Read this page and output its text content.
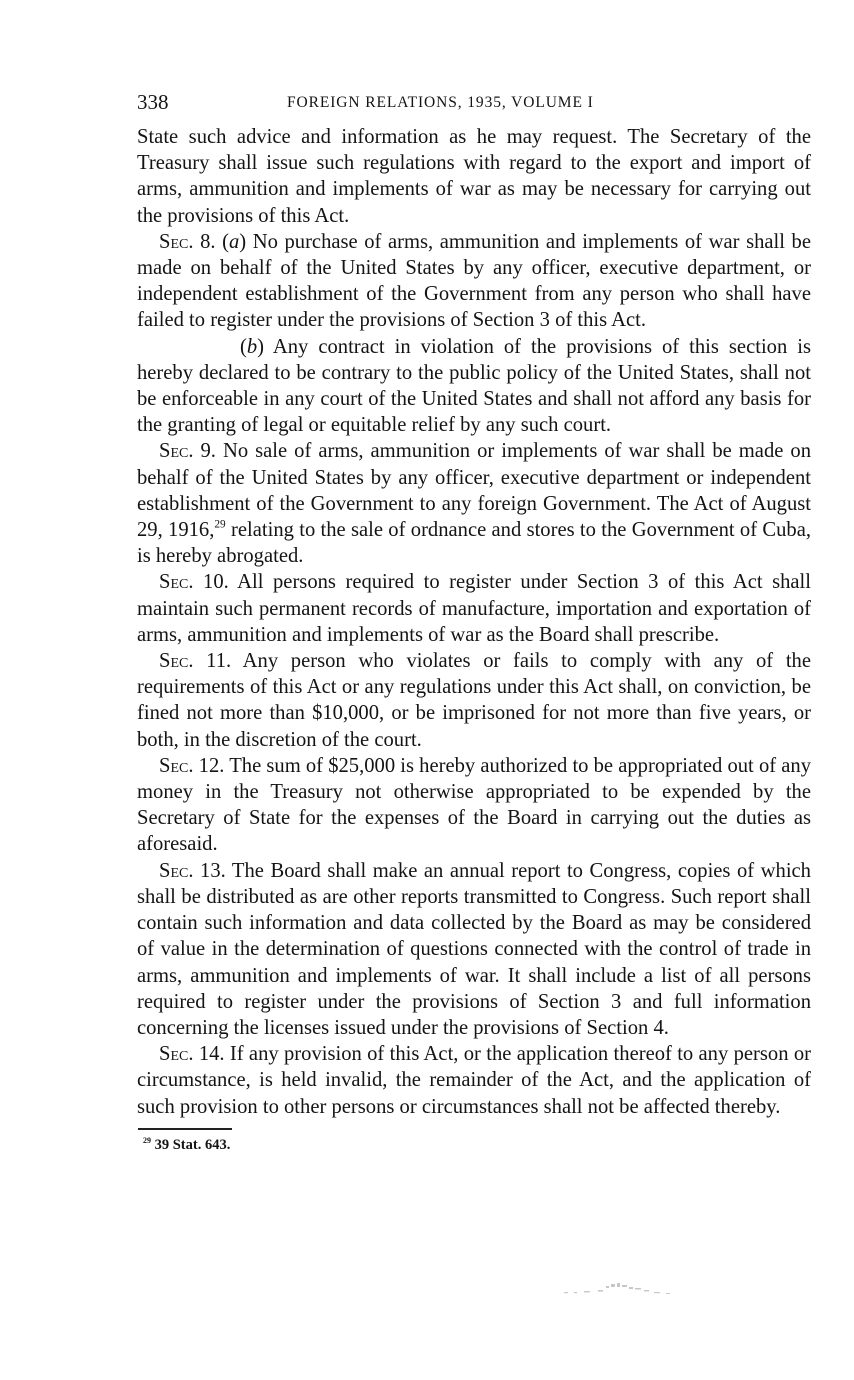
338	FOREIGN RELATIONS, 1935, VOLUME I

State such advice and information as he may request. The Secretary of the Treasury shall issue such regulations with regard to the export and import of arms, ammunition and implements of war as may be necessary for carrying out the provisions of this Act.

Sec. 8. (a) No purchase of arms, ammunition and implements of war shall be made on behalf of the United States by any officer, executive department, or independent establishment of the Government from any person who shall have failed to register under the provisions of Section 3 of this Act.

(b) Any contract in violation of the provisions of this section is hereby declared to be contrary to the public policy of the United States, shall not be enforceable in any court of the United States and shall not afford any basis for the granting of legal or equitable relief by any such court.

Sec. 9. No sale of arms, ammunition or implements of war shall be made on behalf of the United States by any officer, executive department or independent establishment of the Government to any foreign Government. The Act of August 29, 1916,29 relating to the sale of ordnance and stores to the Government of Cuba, is hereby abrogated.

Sec. 10. All persons required to register under Section 3 of this Act shall maintain such permanent records of manufacture, importation and exportation of arms, ammunition and implements of war as the Board shall prescribe.

Sec. 11. Any person who violates or fails to comply with any of the requirements of this Act or any regulations under this Act shall, on conviction, be fined not more than $10,000, or be imprisoned for not more than five years, or both, in the discretion of the court.

Sec. 12. The sum of $25,000 is hereby authorized to be appropriated out of any money in the Treasury not otherwise appropriated to be expended by the Secretary of State for the expenses of the Board in carrying out the duties as aforesaid.

Sec. 13. The Board shall make an annual report to Congress, copies of which shall be distributed as are other reports transmitted to Congress. Such report shall contain such information and data collected by the Board as may be considered of value in the determination of questions connected with the control of trade in arms, ammunition and implements of war. It shall include a list of all persons required to register under the provisions of Section 3 and full information concerning the licenses issued under the provisions of Section 4.

Sec. 14. If any provision of this Act, or the application thereof to any person or circumstance, is held invalid, the remainder of the Act, and the application of such provision to other persons or circumstances shall not be affected thereby.

$^{29}$ 39 Stat. 643.
